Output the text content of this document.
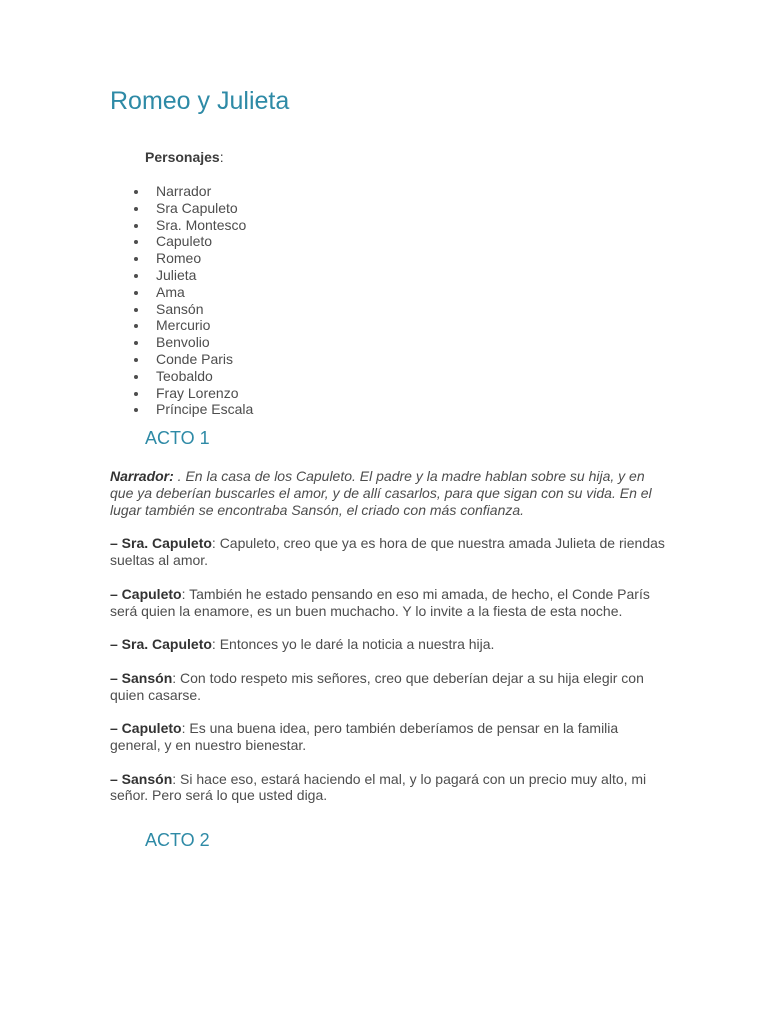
Romeo y Julieta
Personajes:
Narrador
Sra Capuleto
Sra. Montesco
Capuleto
Romeo
Julieta
Ama
Sansón
Mercurio
Benvolio
Conde Paris
Teobaldo
Fray Lorenzo
Príncipe Escala
ACTO 1

Narrador: . En la casa de los Capuleto. El padre y la madre hablan sobre su hija, y en que ya deberían buscarles el amor, y de allí casarlos, para que sigan con su vida. En el lugar también se encontraba Sansón, el criado con más confianza.

– Sra. Capuleto: Capuleto, creo que ya es hora de que nuestra amada Julieta de riendas sueltas al amor.

– Capuleto: También he estado pensando en eso mi amada, de hecho, el Conde París será quien la enamore, es un buen muchacho. Y lo invite a la fiesta de esta noche.

– Sra. Capuleto: Entonces yo le daré la noticia a nuestra hija.

– Sansón: Con todo respeto mis señores, creo que deberían dejar a su hija elegir con quien casarse.

– Capuleto: Es una buena idea, pero también deberíamos de pensar en la familia general, y en nuestro bienestar.

– Sansón: Si hace eso, estará haciendo el mal, y lo pagará con un precio muy alto, mi señor. Pero será lo que usted diga.

ACTO 2
